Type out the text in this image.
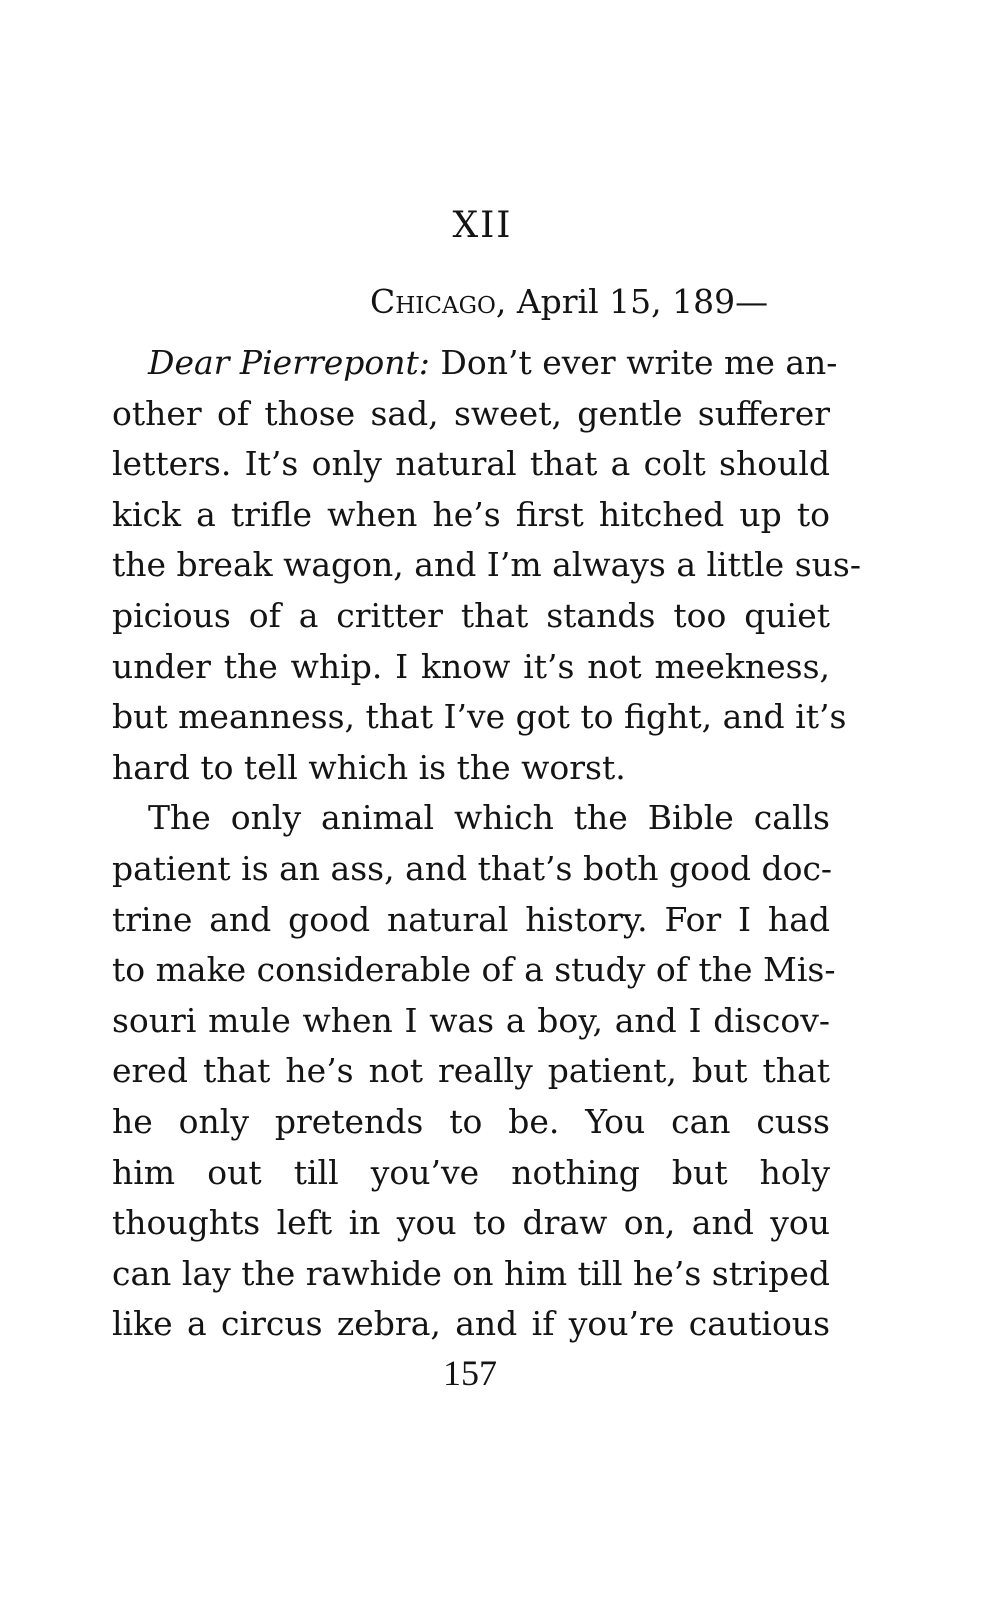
XII
Chicago, April 15, 189—
Dear Pierrepont: Don’t ever write me an-
other of those sad, sweet, gentle sufferer
letters. It’s only natural that a colt should
kick a trifle when he’s first hitched up to
the break wagon, and I’m always a little sus-
picious of a critter that stands too quiet
under the whip. I know it’s not meekness,
but meanness, that I’ve got to fight, and it’s
hard to tell which is the worst.
The only animal which the Bible calls
patient is an ass, and that’s both good doc-
trine and good natural history. For I had
to make considerable of a study of the Mis-
souri mule when I was a boy, and I discov-
ered that he’s not really patient, but that
he only pretends to be. You can cuss
him out till you’ve nothing but holy
thoughts left in you to draw on, and you
can lay the rawhide on him till he’s striped
like a circus zebra, and if you’re cautious
157
